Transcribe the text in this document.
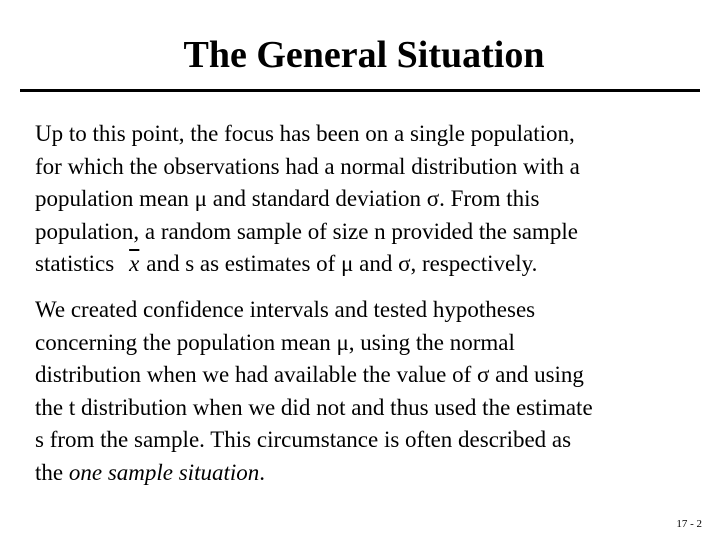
The General Situation

Up to this point, the focus has been on a single population,
for which the observations had a normal distribution with a
population mean μ and standard deviation σ. From this
population, a random sample of size n provided the sample
statistics $\overline{x}$ and s as estimates of μ and σ, respectively.

We created confidence intervals and tested hypotheses
concerning the population mean μ, using the normal
distribution when we had available the value of σ and using
the t distribution when we did not and thus used the estimate
s from the sample. This circumstance is often described as
the one sample situation.

17 - 2
